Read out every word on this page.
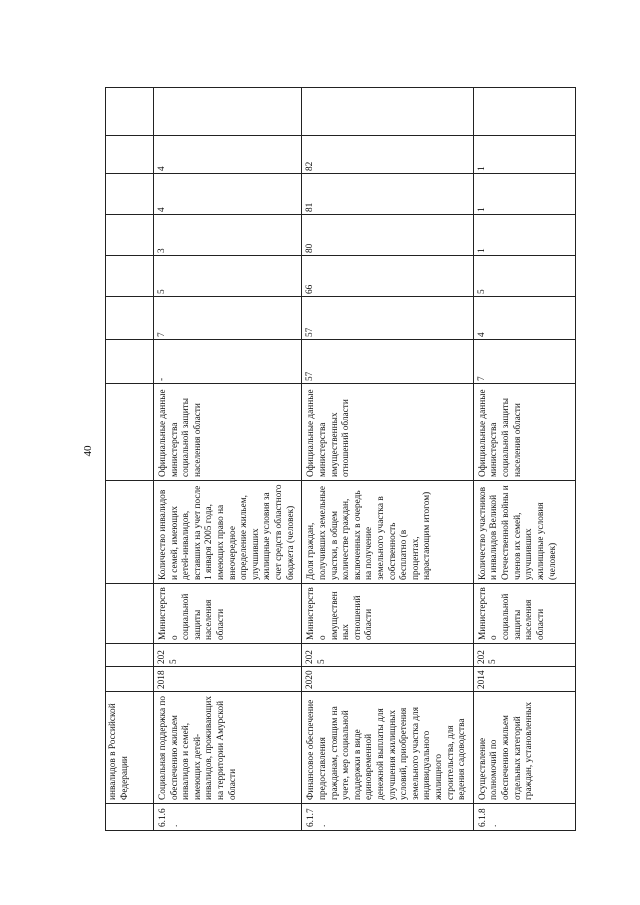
40
	инвалидов в Российской Федерации												
6.1.6.	Социальная поддержка по обеспечению жильем инвалидов и семей, имеющих детей-инвалидов, проживающих на территории Амурской области	2018	2025	Министерство социальной защиты населения области	Количество инвалидов и семей, имеющих детей-инвалидов, вставших на учет после 1 января 2005 года, имеющих право на внеочередное определение жильем, улучшивших жилищные условия за счет средств областного бюджета (человек)	Официальные данные министерства социальной защиты населения области	-	7	5	3	4	4	
6.1.7.	Финансовое обеспечение предоставления гражданам, стоящим на учете, мер социальной поддержки в виде единовременной денежной выплаты для улучшения жилищных условий, приобретения земельного участка для индивидуального жилищного строительства, для ведения садоводства	2020	2025	Министерство имущественных отношений области	Доля граждан, получивших земельные участки, в общем количестве граждан, включенных в очередь на получение земельного участка в собственность бесплатно (в процентах, нарастающим итогом)	Официальные данные министерства имущественных отношений области	57	57	66	80	81	82	
6.1.8.	Осуществление полномочий по обеспечению жильем отдельных категорий граждан, установленных	2014	2025	Министерство социальной защиты населения области	Количество участников и инвалидов Великой Отечественной войны и членов их семей, улучшивших жилищные условия (человек)	Официальные данные министерства социальной защиты населения области	7	4	5	1	1	1	
